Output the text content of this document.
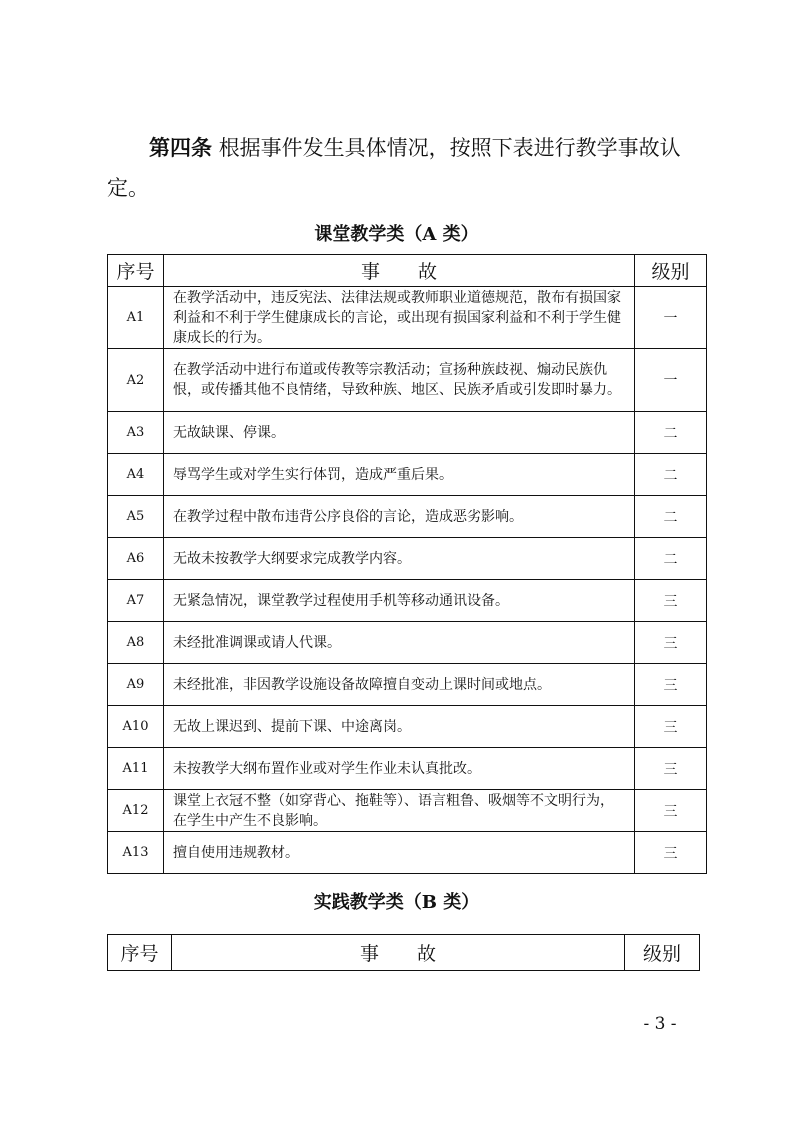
第四条 根据事件发生具体情况，按照下表进行教学事故认
定。

课堂教学类（A 类）
序号	事　　故	级别
A1	在教学活动中，违反宪法、法律法规或教师职业道德规范，散布有损国家利益和不利于学生健康成长的言论，或出现有损国家利益和不利于学生健康成长的行为。	一
A2	在教学活动中进行布道或传教等宗教活动；宣扬种族歧视、煽动民族仇恨，或传播其他不良情绪，导致种族、地区、民族矛盾或引发即时暴力。	一
A3	无故缺课、停课。	二
A4	辱骂学生或对学生实行体罚，造成严重后果。	二
A5	在教学过程中散布违背公序良俗的言论，造成恶劣影响。	二
A6	无故未按教学大纲要求完成教学内容。	二
A7	无紧急情况，课堂教学过程使用手机等移动通讯设备。	三
A8	未经批准调课或请人代课。	三
A9	未经批准，非因教学设施设备故障擅自变动上课时间或地点。	三
A10	无故上课迟到、提前下课、中途离岗。	三
A11	未按教学大纲布置作业或对学生作业未认真批改。	三
A12	课堂上衣冠不整（如穿背心、拖鞋等）、语言粗鲁、吸烟等不文明行为，在学生中产生不良影响。	三
A13	擅自使用违规教材。	三
实践教学类（B 类）
序号	事　　故	级别

- 3 -
